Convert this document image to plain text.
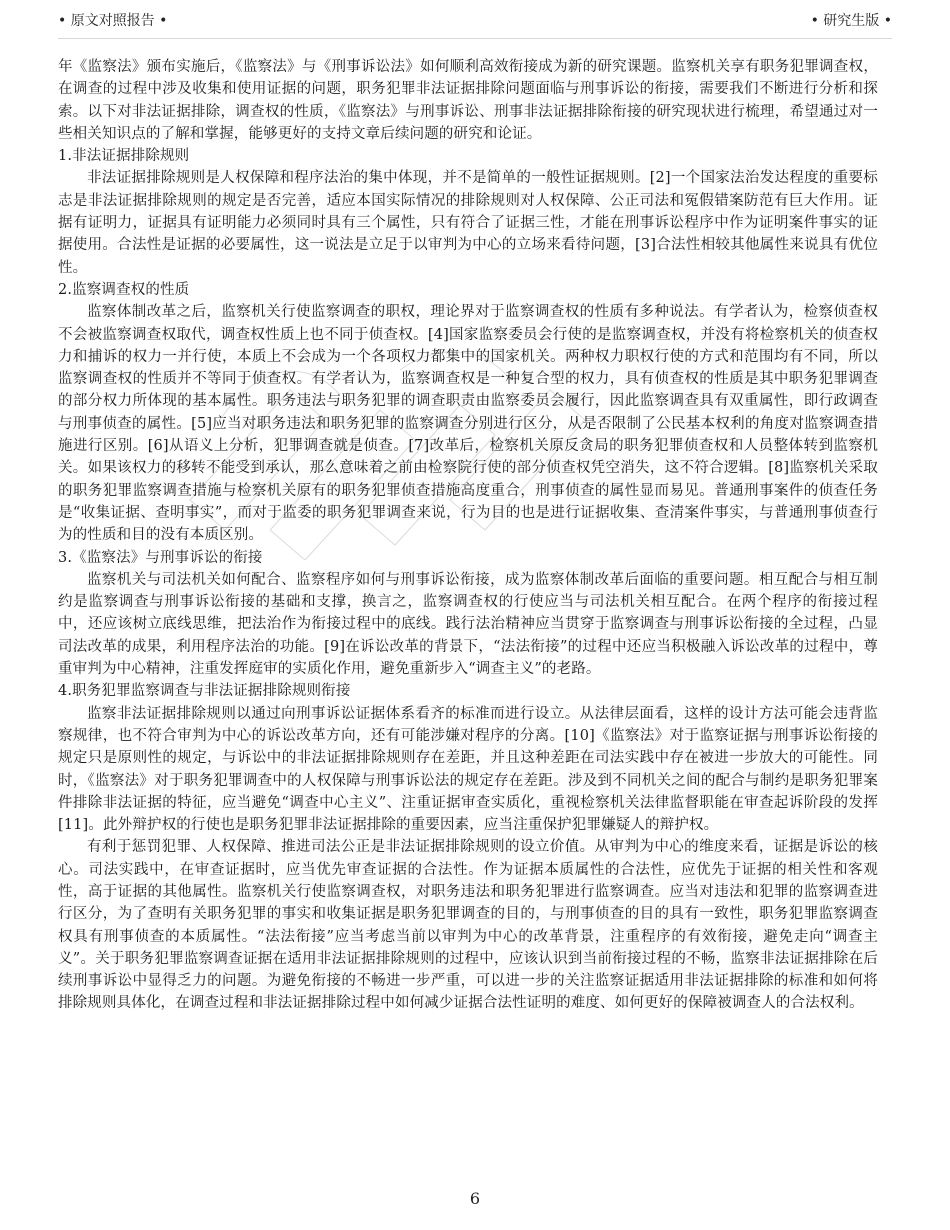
• 原文对照报告 •	• 研究生版 •

年《监察法》颁布实施后，《监察法》与《刑事诉讼法》如何顺利高效衔接成为新的研究课题。监察机关享有职务犯罪调查权，在调查的过程中涉及收集和使用证据的问题，职务犯罪非法证据排除问题面临与刑事诉讼的衔接，需要我们不断进行分析和探索。以下对非法证据排除，调查权的性质，《监察法》与刑事诉讼、刑事非法证据排除衔接的研究现状进行梳理，希望通过对一些相关知识点的了解和掌握，能够更好的支持文章后续问题的研究和论证。

1.非法证据排除规则

非法证据排除规则是人权保障和程序法治的集中体现，并不是简单的一般性证据规则。[2]一个国家法治发达程度的重要标志是非法证据排除规则的规定是否完善，适应本国实际情况的排除规则对人权保障、公正司法和冤假错案防范有巨大作用。证据有证明力，证据具有证明能力必须同时具有三个属性，只有符合了证据三性，才能在刑事诉讼程序中作为证明案件事实的证据使用。合法性是证据的必要属性，这一说法是立足于以审判为中心的立场来看待问题，[3]合法性相较其他属性来说具有优位性。

2.监察调查权的性质

监察体制改革之后，监察机关行使监察调查的职权，理论界对于监察调查权的性质有多种说法。有学者认为，检察侦查权不会被监察调查权取代，调查权性质上也不同于侦查权。[4]国家监察委员会行使的是监察调查权，并没有将检察机关的侦查权力和捕诉的权力一并行使，本质上不会成为一个各项权力都集中的国家机关。两种权力职权行使的方式和范围均有不同，所以监察调查权的性质并不等同于侦查权。有学者认为，监察调查权是一种复合型的权力，具有侦查权的性质是其中职务犯罪调查的部分权力所体现的基本属性。职务违法与职务犯罪的调查职责由监察委员会履行，因此监察调查具有双重属性，即行政调查与刑事侦查的属性。[5]应当对职务违法和职务犯罪的监察调查分别进行区分，从是否限制了公民基本权利的角度对监察调查措施进行区别。[6]从语义上分析，犯罪调查就是侦查。[7]改革后，检察机关原反贪局的职务犯罪侦查权和人员整体转到监察机关。如果该权力的移转不能受到承认，那么意味着之前由检察院行使的部分侦查权凭空消失，这不符合逻辑。[8]监察机关采取的职务犯罪监察调查措施与检察机关原有的职务犯罪侦查措施高度重合，刑事侦查的属性显而易见。普通刑事案件的侦查任务是“收集证据、查明事实”，而对于监委的职务犯罪调查来说，行为目的也是进行证据收集、查清案件事实，与普通刑事侦查行为的性质和目的没有本质区别。

3.《监察法》与刑事诉讼的衔接

监察机关与司法机关如何配合、监察程序如何与刑事诉讼衔接，成为监察体制改革后面临的重要问题。相互配合与相互制约是监察调查与刑事诉讼衔接的基础和支撑，换言之，监察调查权的行使应当与司法机关相互配合。在两个程序的衔接过程中，还应该树立底线思维，把法治作为衔接过程中的底线。践行法治精神应当贯穿于监察调查与刑事诉讼衔接的全过程，凸显司法改革的成果，利用程序法治的功能。[9]在诉讼改革的背景下，“法法衔接”的过程中还应当积极融入诉讼改革的过程中，尊重审判为中心精神，注重发挥庭审的实质化作用，避免重新步入“调查主义”的老路。

4.职务犯罪监察调查与非法证据排除规则衔接

监察非法证据排除规则以通过向刑事诉讼证据体系看齐的标准而进行设立。从法律层面看，这样的设计方法可能会违背监察规律，也不符合审判为中心的诉讼改革方向，还有可能涉嫌对程序的分离。[10]《监察法》对于监察证据与刑事诉讼衔接的规定只是原则性的规定，与诉讼中的非法证据排除规则存在差距，并且这种差距在司法实践中存在被进一步放大的可能性。同时，《监察法》对于职务犯罪调查中的人权保障与刑事诉讼法的规定存在差距。涉及到不同机关之间的配合与制约是职务犯罪案件排除非法证据的特征，应当避免“调查中心主义”、注重证据审查实质化，重视检察机关法律监督职能在审查起诉阶段的发挥[11]。此外辩护权的行使也是职务犯罪非法证据排除的重要因素，应当注重保护犯罪嫌疑人的辩护权。

有利于惩罚犯罪、人权保障、推进司法公正是非法证据排除规则的设立价值。从审判为中心的维度来看，证据是诉讼的核心。司法实践中，在审查证据时，应当优先审查证据的合法性。作为证据本质属性的合法性，应优先于证据的相关性和客观性，高于证据的其他属性。监察机关行使监察调查权，对职务违法和职务犯罪进行监察调查。应当对违法和犯罪的监察调查进行区分，为了查明有关职务犯罪的事实和收集证据是职务犯罪调查的目的，与刑事侦查的目的具有一致性，职务犯罪监察调查权具有刑事侦查的本质属性。“法法衔接”应当考虑当前以审判为中心的改革背景，注重程序的有效衔接，避免走向“调查主义”。关于职务犯罪监察调查证据在适用非法证据排除规则的过程中，应该认识到当前衔接过程的不畅，监察非法证据排除在后续刑事诉讼中显得乏力的问题。为避免衔接的不畅进一步严重，可以进一步的关注监察证据适用非法证据排除的标准和如何将排除规则具体化，在调查过程和非法证据排除过程中如何减少证据合法性证明的难度、如何更好的保障被调查人的合法权利。

6
